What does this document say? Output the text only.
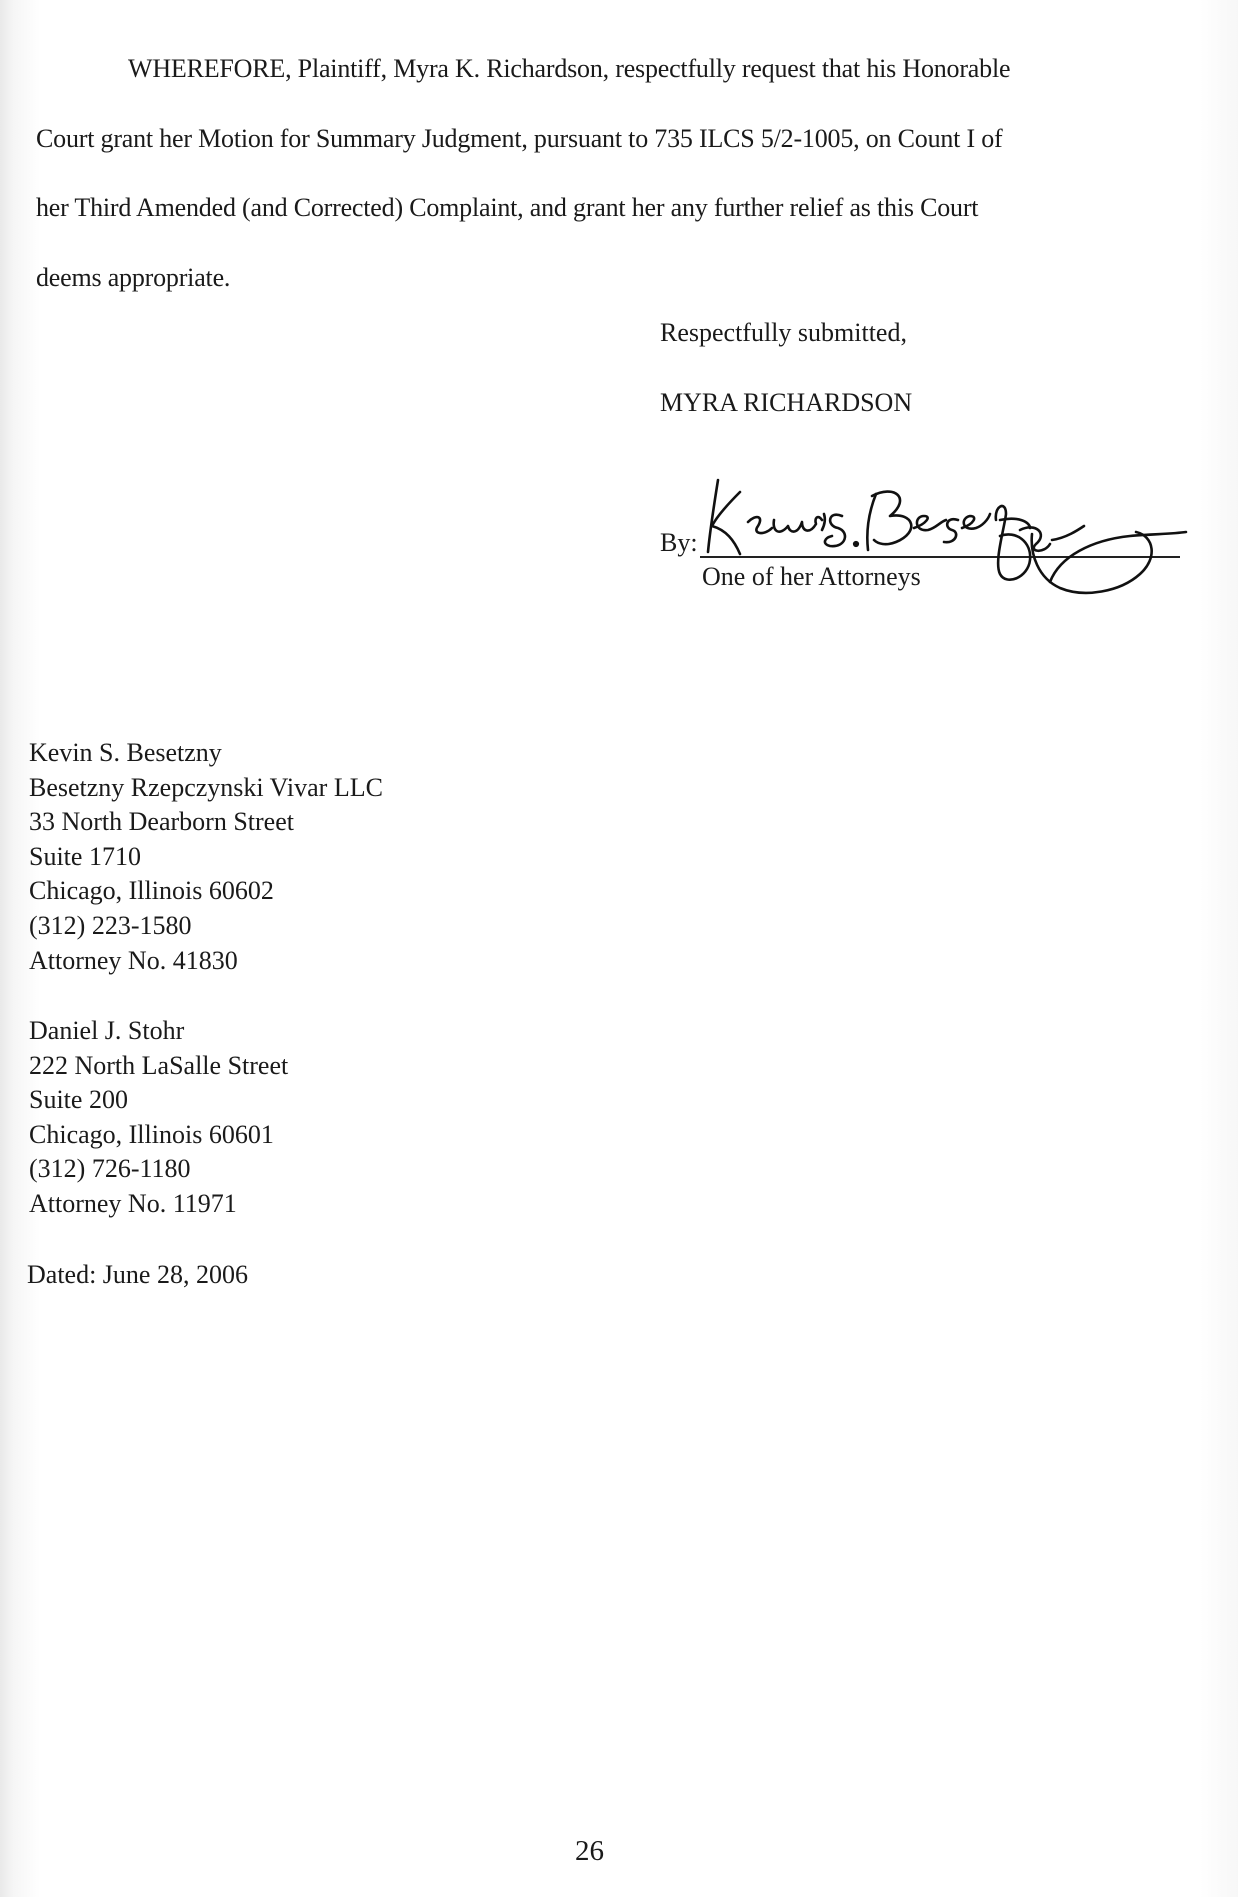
WHEREFORE, Plaintiff, Myra K. Richardson, respectfully request that his Honorable
Court grant her Motion for Summary Judgment, pursuant to 735 ILCS 5/2-1005, on Count I of
her Third Amended (and Corrected) Complaint, and grant her any further relief as this Court
deems appropriate.
Respectfully submitted,
MYRA RICHARDSON
By:
One of her Attorneys
Kevin S. Besetzny
Besetzny Rzepczynski Vivar LLC
33 North Dearborn Street
Suite 1710
Chicago, Illinois 60602
(312) 223-1580
Attorney No. 41830
Daniel J. Stohr
222 North LaSalle Street
Suite 200
Chicago, Illinois 60601
(312) 726-1180
Attorney No. 11971
Dated: June 28, 2006
26
